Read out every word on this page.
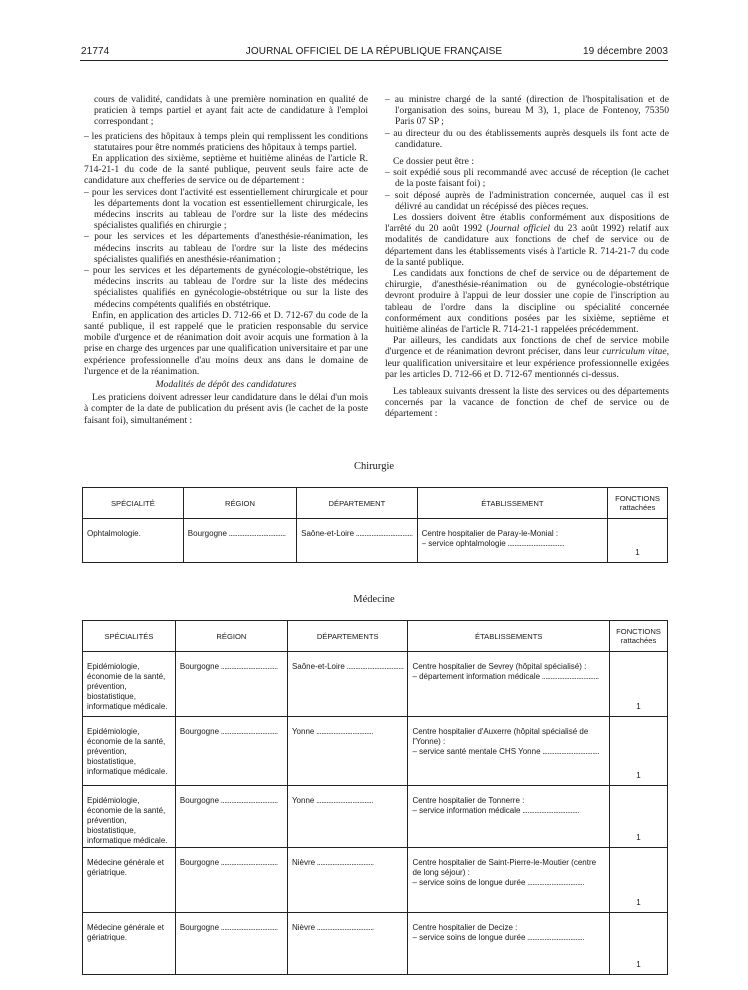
21774	JOURNAL OFFICIEL DE LA RÉPUBLIQUE FRANÇAISE	19 décembre 2003

cours de validité, candidats à une première nomination en qualité de praticien à temps partiel et ayant fait acte de candidature à l'emploi correspondant ;

– les praticiens des hôpitaux à temps plein qui remplissent les conditions statutaires pour être nommés praticiens des hôpitaux à temps partiel.

En application des sixième, septième et huitième alinéas de l'article R. 714-21-1 du code de la santé publique, peuvent seuls faire acte de candidature aux chefferies de service ou de département :

– pour les services dont l'activité est essentiellement chirurgicale et pour les départements dont la vocation est essentiellement chirurgicale, les médecins inscrits au tableau de l'ordre sur la liste des médecins spécialistes qualifiés en chirurgie ;

– pour les services et les départements d'anesthésie-réanimation, les médecins inscrits au tableau de l'ordre sur la liste des médecins spécialistes qualifiés en anesthésie-réanimation ;

– pour les services et les départements de gynécologie-obstétrique, les médecins inscrits au tableau de l'ordre sur la liste des médecins spécialistes qualifiés en gynécologie-obstétrique ou sur la liste des médecins compétents qualifiés en obstétrique.

Enfin, en application des articles D. 712-66 et D. 712-67 du code de la santé publique, il est rappelé que le praticien responsable du service mobile d'urgence et de réanimation doit avoir acquis une formation à la prise en charge des urgences par une qualification universitaire et par une expérience professionnelle d'au moins deux ans dans le domaine de l'urgence et de la réanimation.

Modalités de dépôt des candidatures

Les praticiens doivent adresser leur candidature dans le délai d'un mois à compter de la date de publication du présent avis (le cachet de la poste faisant foi), simultanément :

– au ministre chargé de la santé (direction de l'hospitalisation et de l'organisation des soins, bureau M 3), 1, place de Fontenoy, 75350 Paris 07 SP ;

– au directeur du ou des établissements auprès desquels ils font acte de candidature.

Ce dossier peut être :

– soit expédié sous pli recommandé avec accusé de réception (le cachet de la poste faisant foi) ;

– soit déposé auprès de l'administration concernée, auquel cas il est délivré au candidat un récépissé des pièces reçues.

Les dossiers doivent être établis conformément aux dispositions de l'arrêté du 20 août 1992 (Journal officiel du 23 août 1992) relatif aux modalités de candidature aux fonctions de chef de service ou de département dans les établissements visés à l'article R. 714-21-7 du code de la santé publique.

Les candidats aux fonctions de chef de service ou de département de chirurgie, d'anesthésie-réanimation ou de gynécologie-obstétrique devront produire à l'appui de leur dossier une copie de l'inscription au tableau de l'ordre dans la discipline ou spécialité concernée conformément aux conditions posées par les sixième, septième et huitième alinéas de l'article R. 714-21-1 rappelées précédemment.

Par ailleurs, les candidats aux fonctions de chef de service mobile d'urgence et de réanimation devront préciser, dans leur curriculum vitae, leur qualification universitaire et leur expérience professionnelle exigées par les articles D. 712-66 et D. 712-67 mentionnés ci-dessus.

Les tableaux suivants dressent la liste des services ou des départements concernés par la vacance de fonction de chef de service ou de département :

Chirurgie
SPÉCIALITÉ	RÉGION	DÉPARTEMENT	ÉTABLISSEMENT	FONCTIONS rattachées
Ophtalmologie.	Bourgogne .....	Saône-et-Loire .....	Centre hospitalier de Paray-le-Monial :
– service ophtalmologie .....	1
Médecine
SPÉCIALITÉS	RÉGION	DÉPARTEMENTS	ÉTABLISSEMENTS	FONCTIONS rattachées
Epidémiologie, économie de la santé, prévention, biostatistique, informatique médicale.	Bourgogne .....	Saône-et-Loire .....	Centre hospitalier de Sevrey (hôpital spécialisé) :
– département information médicale .....	1
Epidémiologie, économie de la santé, prévention, biostatistique, informatique médicale.	Bourgogne .....	Yonne .....	Centre hospitalier d'Auxerre (hôpital spécialisé de l'Yonne) :
– service santé mentale CHS Yonne .....	1
Epidémiologie, économie de la santé, prévention, biostatistique, informatique médicale.	Bourgogne .....	Yonne .....	Centre hospitalier de Tonnerre :
– service information médicale .....	1
Médecine générale et gériatrique.	Bourgogne .....	Nièvre .....	Centre hospitalier de Saint-Pierre-le-Moutier (centre de long séjour) :
– service soins de longue durée .....	1
Médecine générale et gériatrique.	Bourgogne .....	Nièvre .....	Centre hospitalier de Decize :
– service soins de longue durée .....	1
